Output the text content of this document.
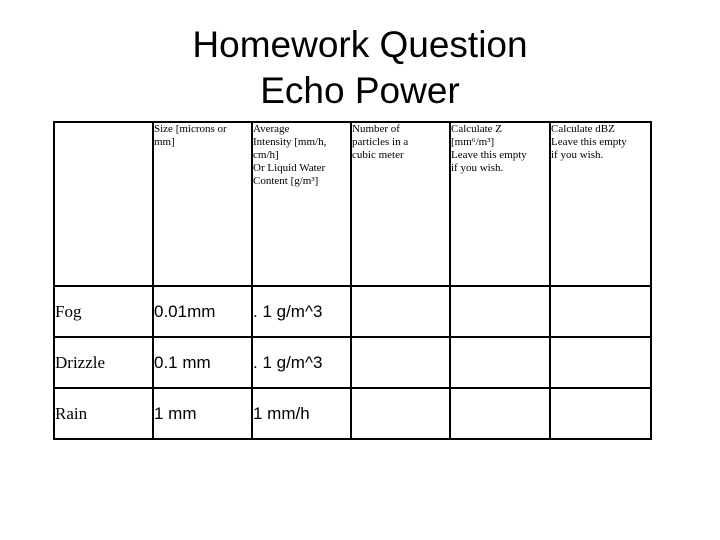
Homework Question
Echo Power

	Size [microns or
mm]	Average
Intensity [mm/h,
cm/h]
Or Liquid Water
Content [g/m³]	Number of
particles in a
cubic meter	Calculate Z
[mm⁶/m³]
Leave this empty
if you wish.	Calculate dBZ
Leave this empty
if you wish.

Fog	0.01mm	. 1 g/m^3			
Drizzle	0.1 mm	. 1 g/m^3			
Rain	1 mm	1 mm/h			
